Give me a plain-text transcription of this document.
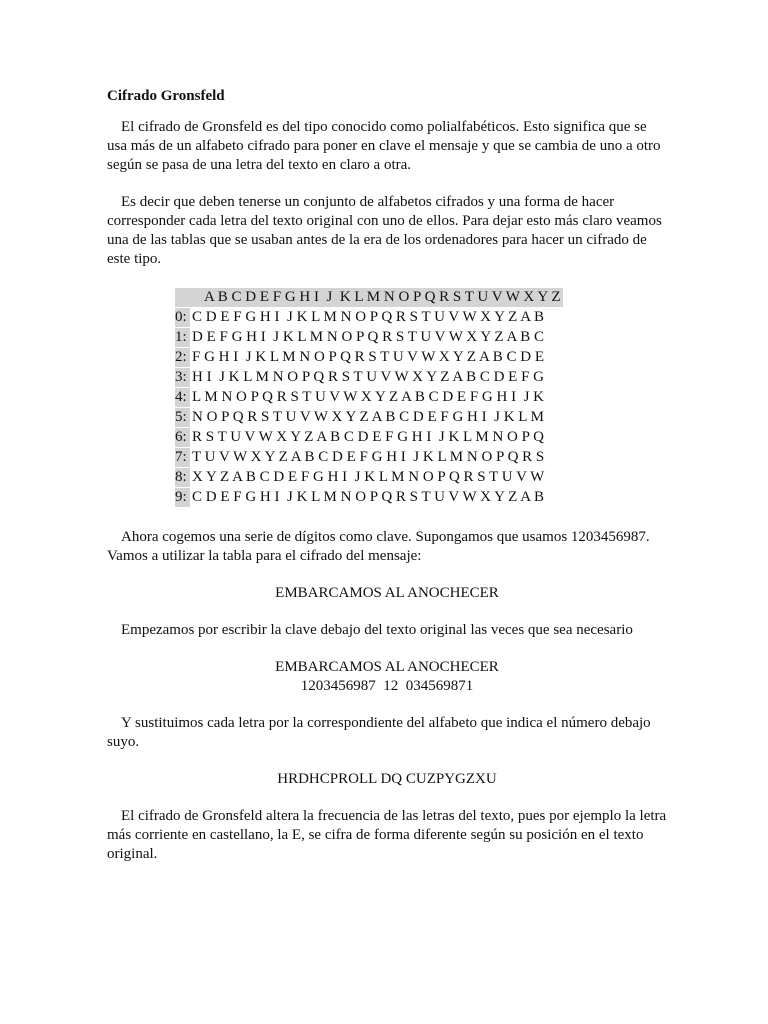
Cifrado Gronsfeld
El cifrado de Gronsfeld es del tipo conocido como polialfabéticos. Esto significa que se usa más de un alfabeto cifrado para poner en clave el mensaje y que se cambia de uno a otro según se pasa de una letra del texto en claro a otra.
Es decir que deben tenerse un conjunto de alfabetos cifrados y una forma de hacer corresponder cada letra del texto original con uno de ellos. Para dejar esto más claro veamos una de las tablas que se usaban antes de la era de los ordenadores para hacer un cifrado de este tipo.
	A B C D E F G H I  J  K L M N O P Q R S T U V W X Y Z
0:	C D E F G H I  J K L M N O P Q R S T U V W X Y Z A B
1:	D E F G H I  J K L M N O P Q R S T U V W X Y Z A B C
2:	F G H I  J K L M N O P Q R S T U V W X Y Z A B C D E
3:	H I  J K L M N O P Q R S T U V W X Y Z A B C D E F G
4:	L M N O P Q R S T U V W X Y Z A B C D E F G H I  J K
5:	N O P Q R S T U V W X Y Z A B C D E F G H I  J K L M
6:	R S T U V W X Y Z A B C D E F G H I  J K L M N O P Q
7:	T U V W X Y Z A B C D E F G H I  J K L M N O P Q R S
8:	X Y Z A B C D E F G H I  J K L M N O P Q R S T U V W
9:	C D E F G H I  J K L M N O P Q R S T U V W X Y Z A B
Ahora cogemos una serie de dígitos como clave. Supongamos que usamos 1203456987. Vamos a utilizar la tabla para el cifrado del mensaje:
EMBARCAMOS AL ANOCHECER
Empezamos por escribir la clave debajo del texto original las veces que sea necesario
EMBARCAMOS AL ANOCHECER
1203456987  12  034569871
Y sustituimos cada letra por la correspondiente del alfabeto que indica el número debajo suyo.
HRDHCPROLL DQ CUZPYGZXU
El cifrado de Gronsfeld altera la frecuencia de las letras del texto, pues por ejemplo la letra más corriente en castellano, la E, se cifra de forma diferente según su posición en el texto original.
